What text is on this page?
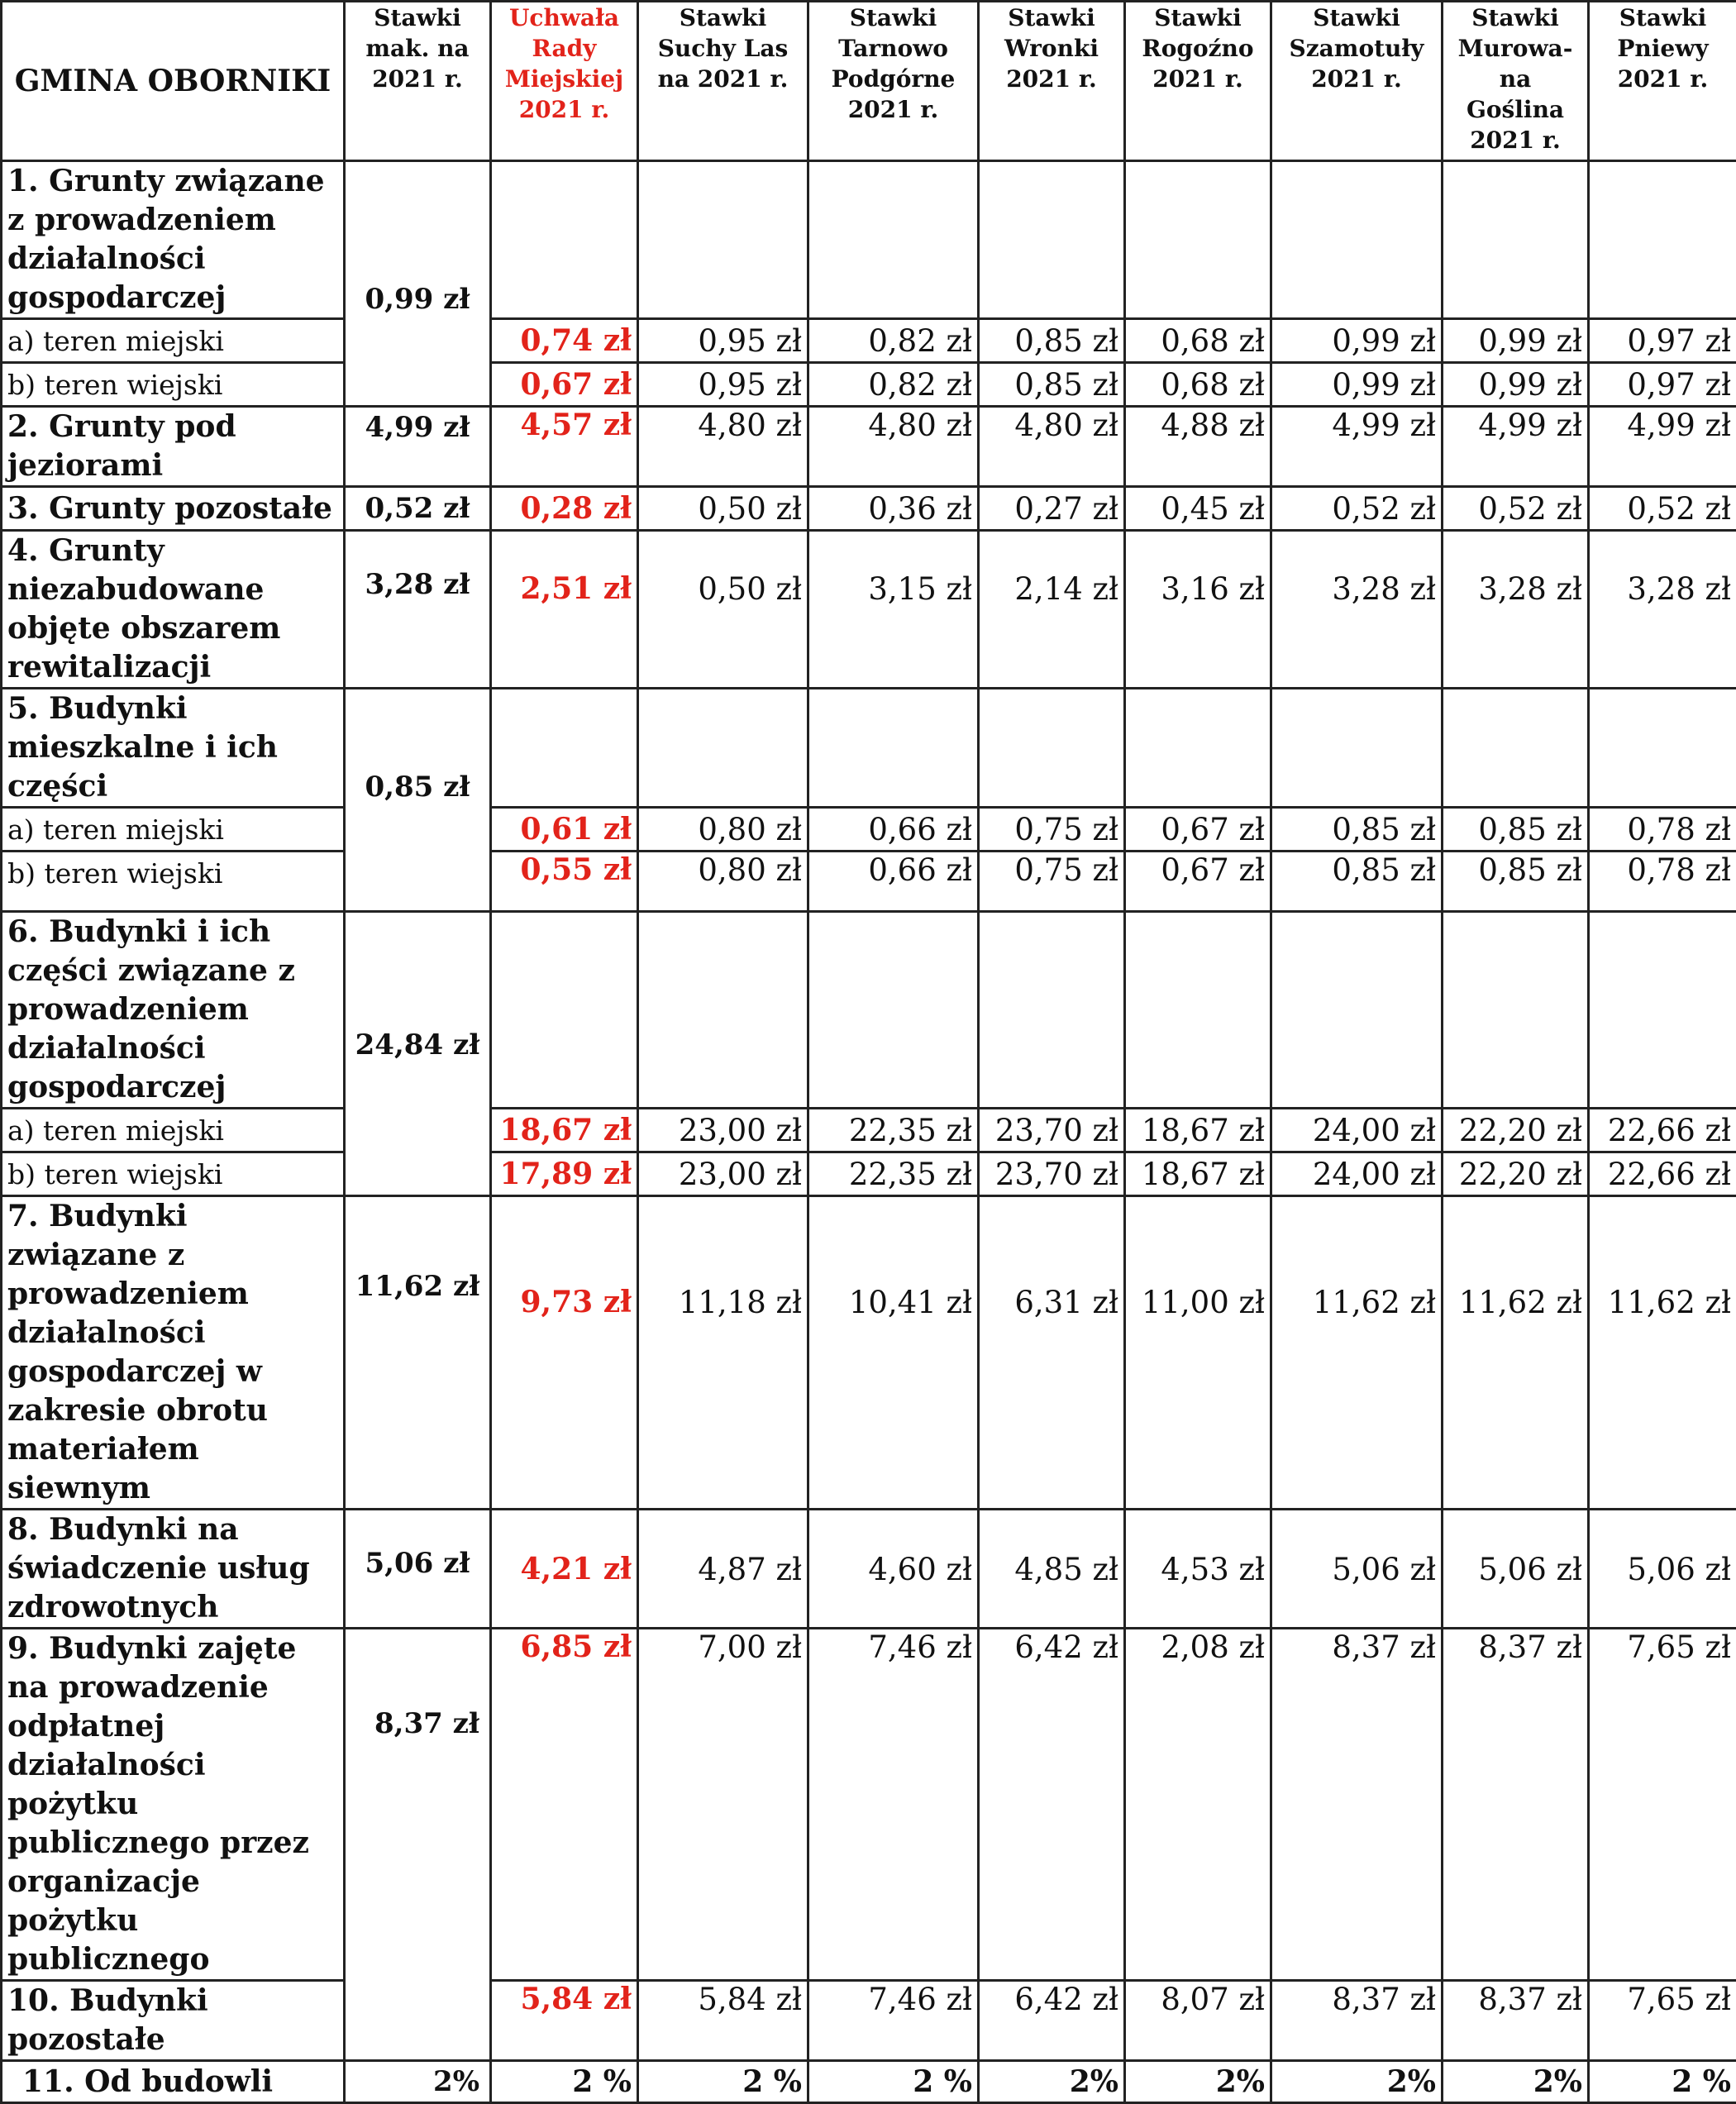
GMINA OBORNIKI	Stawki mak. na 2021 r.	Uchwała Rady Miejskiej 2021 r.	Stawki Suchy Las na 2021 r.	Stawki Tarnowo Podgórne 2021 r.	Stawki Wronki 2021 r.	Stawki Rogoźno 2021 r.	Stawki Szamotuły 2021 r.	Stawki Murowa-na Goślina 2021 r.	Stawki Pniewy 2021 r.
1. Grunty związane z prowadzeniem działalności gospodarczej	0,99 zł								
a) teren miejski		0,74 zł	0,95 zł	0,82 zł	0,85 zł	0,68 zł	0,99 zł	0,99 zł	0,97 zł
b) teren wiejski		0,67 zł	0,95 zł	0,82 zł	0,85 zł	0,68 zł	0,99 zł	0,99 zł	0,97 zł
2. Grunty pod jeziorami	4,99 zł	4,57 zł	4,80 zł	4,80 zł	4,80 zł	4,88 zł	4,99 zł	4,99 zł	4,99 zł
3. Grunty pozostałe	0,52 zł	0,28 zł	0,50 zł	0,36 zł	0,27 zł	0,45 zł	0,52 zł	0,52 zł	0,52 zł
4. Grunty niezabudowane objęte obszarem rewitalizacji	3,28 zł	2,51 zł	0,50 zł	3,15 zł	2,14 zł	3,16 zł	3,28 zł	3,28 zł	3,28 zł
5. Budynki mieszkalne i ich części	0,85 zł								
a) teren miejski		0,61 zł	0,80 zł	0,66 zł	0,75 zł	0,67 zł	0,85 zł	0,85 zł	0,78 zł
b) teren wiejski		0,55 zł	0,80 zł	0,66 zł	0,75 zł	0,67 zł	0,85 zł	0,85 zł	0,78 zł
6. Budynki i ich części związane z prowadzeniem działalności gospodarczej	24,84 zł								
a) teren miejski		18,67 zł	23,00 zł	22,35 zł	23,70 zł	18,67 zł	24,00 zł	22,20 zł	22,66 zł
b) teren wiejski		17,89 zł	23,00 zł	22,35 zł	23,70 zł	18,67 zł	24,00 zł	22,20 zł	22,66 zł
7. Budynki związane z prowadzeniem działalności gospodarczej w zakresie obrotu materiałem siewnym	11,62 zł	9,73 zł	11,18 zł	10,41 zł	6,31 zł	11,00 zł	11,62 zł	11,62 zł	11,62 zł
8. Budynki na świadczenie usług zdrowotnych	5,06 zł	4,21 zł	4,87 zł	4,60 zł	4,85 zł	4,53 zł	5,06 zł	5,06 zł	5,06 zł
9. Budynki zajęte na prowadzenie odpłatnej działalności pożytku publicznego przez organizacje pożytku publicznego	8,37 zł	6,85 zł	7,00 zł	7,46 zł	6,42 zł	2,08 zł	8,37 zł	8,37 zł	7,65 zł
10. Budynki pozostałe		5,84 zł	5,84 zł	7,46 zł	6,42 zł	8,07 zł	8,37 zł	8,37 zł	7,65 zł
11. Od budowli	2%	2 %	2 %	2 %	2%	2%	2%	2%	2 %
